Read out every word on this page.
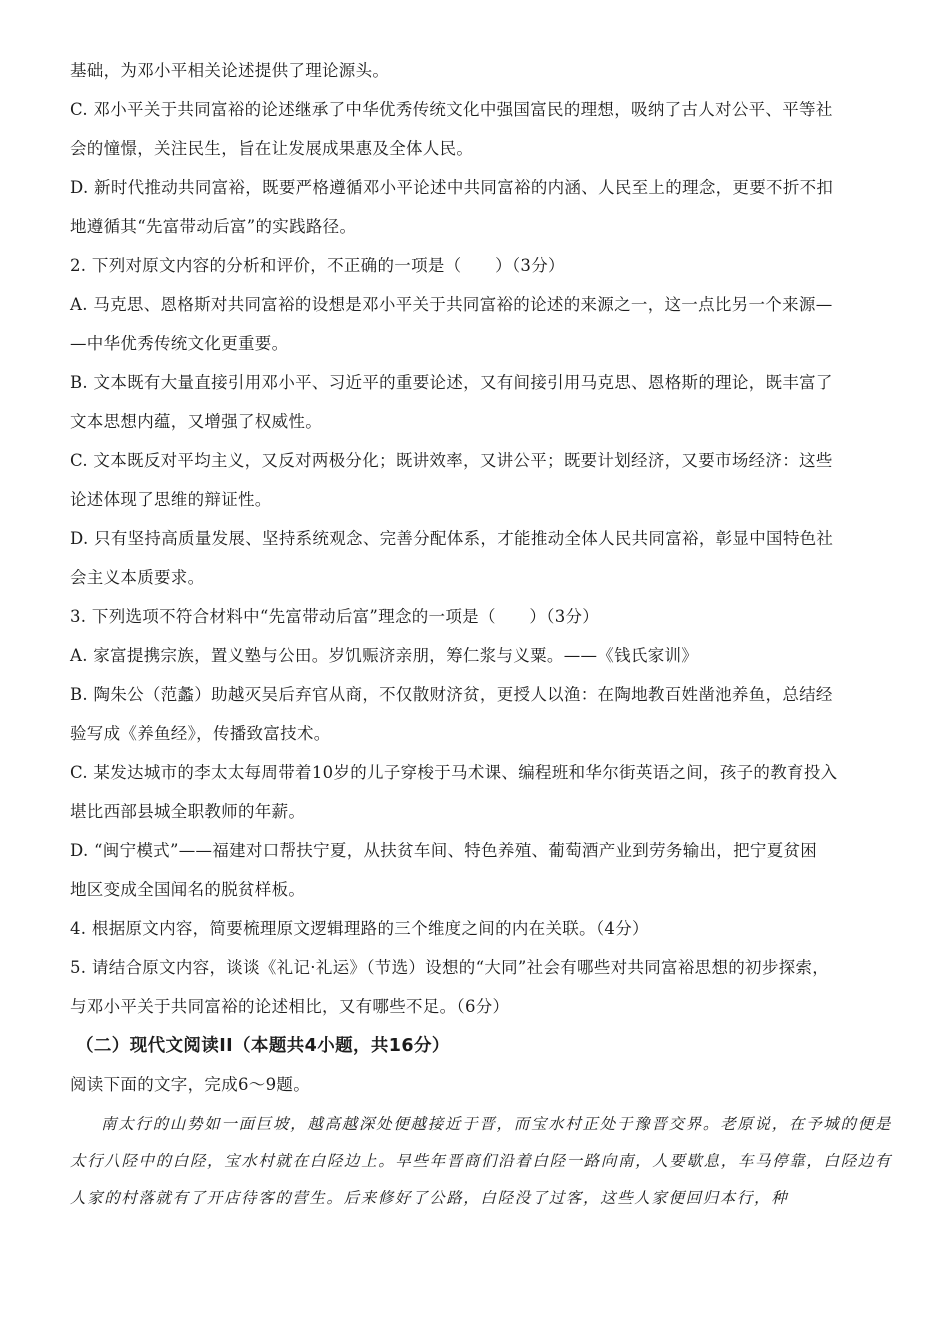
基础，为邓小平相关论述提供了理论源头。

C. 邓小平关于共同富裕的论述继承了中华优秀传统文化中强国富民的理想，吸纳了古人对公平、平等社

会的憧憬，关注民生，旨在让发展成果惠及全体人民。

D. 新时代推动共同富裕，既要严格遵循邓小平论述中共同富裕的内涵、人民至上的理念，更要不折不扣

地遵循其“先富带动后富”的实践路径。

2. 下列对原文内容的分析和评价，不正确的一项是（　　）（3分）

A. 马克思、恩格斯对共同富裕的设想是邓小平关于共同富裕的论述的来源之一，这一点比另一个来源—

—中华优秀传统文化更重要。

B. 文本既有大量直接引用邓小平、习近平的重要论述，又有间接引用马克思、恩格斯的理论，既丰富了

文本思想内蕴，又增强了权威性。

C. 文本既反对平均主义，又反对两极分化；既讲效率，又讲公平；既要计划经济，又要市场经济：这些

论述体现了思维的辩证性。

D. 只有坚持高质量发展、坚持系统观念、完善分配体系，才能推动全体人民共同富裕，彰显中国特色社

会主义本质要求。

3. 下列选项不符合材料中“先富带动后富”理念的一项是（　　）（3分）

A. 家富提携宗族，置义塾与公田。岁饥赈济亲朋，筹仁浆与义粟。——《钱氏家训》

B. 陶朱公（范蠡）助越灭吴后弃官从商，不仅散财济贫，更授人以渔：在陶地教百姓凿池养鱼，总结经

验写成《养鱼经》，传播致富技术。

C. 某发达城市的李太太每周带着10岁的儿子穿梭于马术课、编程班和华尔街英语之间，孩子的教育投入

堪比西部县城全职教师的年薪。

D. “闽宁模式”——福建对口帮扶宁夏，从扶贫车间、特色养殖、葡萄酒产业到劳务输出，把宁夏贫困

地区变成全国闻名的脱贫样板。

4. 根据原文内容，简要梳理原文逻辑理路的三个维度之间的内在关联。（4分）

5. 请结合原文内容，谈谈《礼记·礼运》（节选）设想的“大同”社会有哪些对共同富裕思想的初步探索，

与邓小平关于共同富裕的论述相比，又有哪些不足。（6分）

（二）现代文阅读II（本题共4小题，共16分）

阅读下面的文字，完成6～9题。

南太行的山势如一面巨坡，越高越深处便越接近于晋，而宝水村正处于豫晋交界。老原说，在予城的便是太行八陉中的白陉，宝水村就在白陉边上。早些年晋商们沿着白陉一路向南，人要歇息，车马停靠，白陉边有人家的村落就有了开店待客的营生。后来修好了公路，白陉没了过客，这些人家便回归本行，种
